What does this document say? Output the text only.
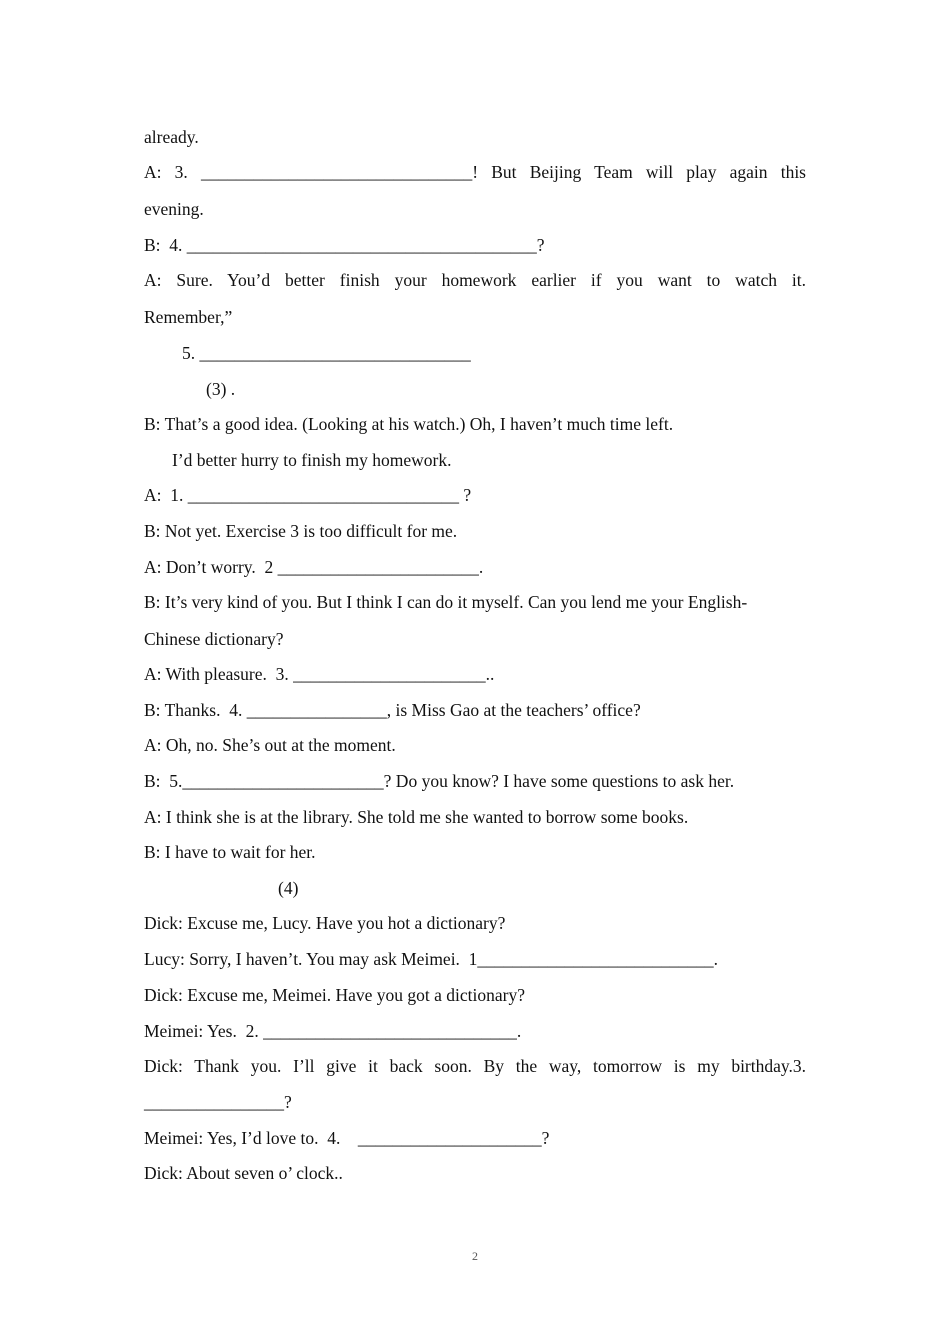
already.
A: 3. _______________________________! But Beijing Team will play again this
evening.
B:  4. ________________________________________?
A: Sure. You’d better finish your homework earlier if you want to watch it.
Remember,”
5. _______________________________
(3) .
B: That’s a good idea. (Looking at his watch.) Oh, I haven’t much time left.
I’d better hurry to finish my homework.
A:  1. _______________________________ ?
B: Not yet. Exercise 3 is too difficult for me.
A: Don’t worry.  2 _______________________.
B: It’s very kind of you. But I think I can do it myself. Can you lend me your English-
Chinese dictionary?
A: With pleasure.  3. ______________________..
B: Thanks.  4. ________________, is Miss Gao at the teachers’ office?
A: Oh, no. She’s out at the moment.
B:  5._______________________? Do you know? I have some questions to ask her.
A: I think she is at the library. She told me she wanted to borrow some books.
B: I have to wait for her.
(4)
Dick: Excuse me, Lucy. Have you hot a dictionary?
Lucy: Sorry, I haven’t. You may ask Meimei.  1___________________________.
Dick: Excuse me, Meimei. Have you got a dictionary?
Meimei: Yes.  2. _____________________________.
Dick: Thank you. I’ll give it back soon. By the way, tomorrow is my birthday.3.
________________?
Meimei: Yes, I’d love to.  4.    _____________________?
Dick: About seven o’ clock..
2
